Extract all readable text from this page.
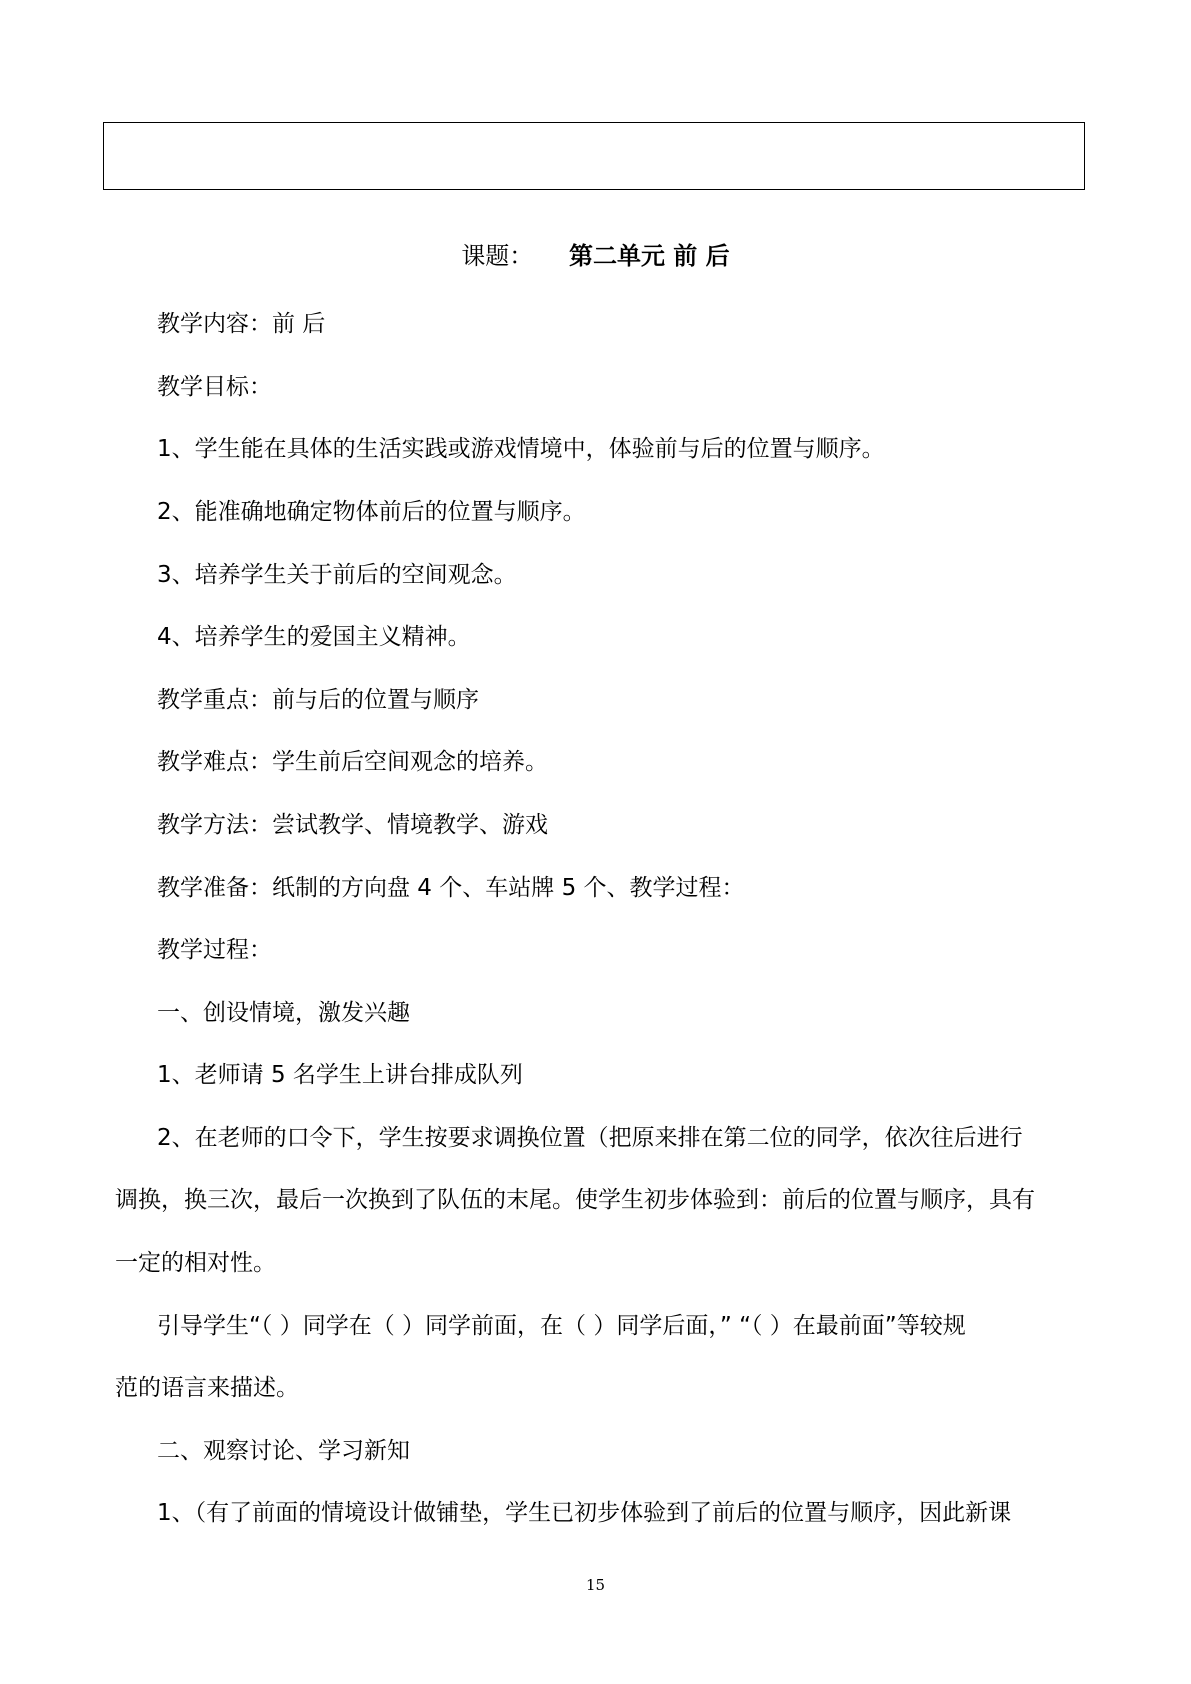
课题： 第二单元 前 后
教学内容：前 后
教学目标：
1、学生能在具体的生活实践或游戏情境中，体验前与后的位置与顺序。
2、能准确地确定物体前后的位置与顺序。
3、培养学生关于前后的空间观念。
4、培养学生的爱国主义精神。
教学重点：前与后的位置与顺序
教学难点：学生前后空间观念的培养。
教学方法：尝试教学、情境教学、游戏
教学准备：纸制的方向盘 4 个、车站牌 5 个、教学过程：
教学过程：
一、创设情境，激发兴趣
1、老师请 5 名学生上讲台排成队列
2、在老师的口令下，学生按要求调换位置（把原来排在第二位的同学，依次往后进行
调换，换三次，最后一次换到了队伍的末尾。使学生初步体验到：前后的位置与顺序，具有
一定的相对性。
引导学生“（ ）同学在（ ）同学前面，在（ ）同学后面，” “（ ）在最前面”等较规
范的语言来描述。
二、观察讨论、学习新知
1、（有了前面的情境设计做铺垫，学生已初步体验到了前后的位置与顺序，因此新课
15
